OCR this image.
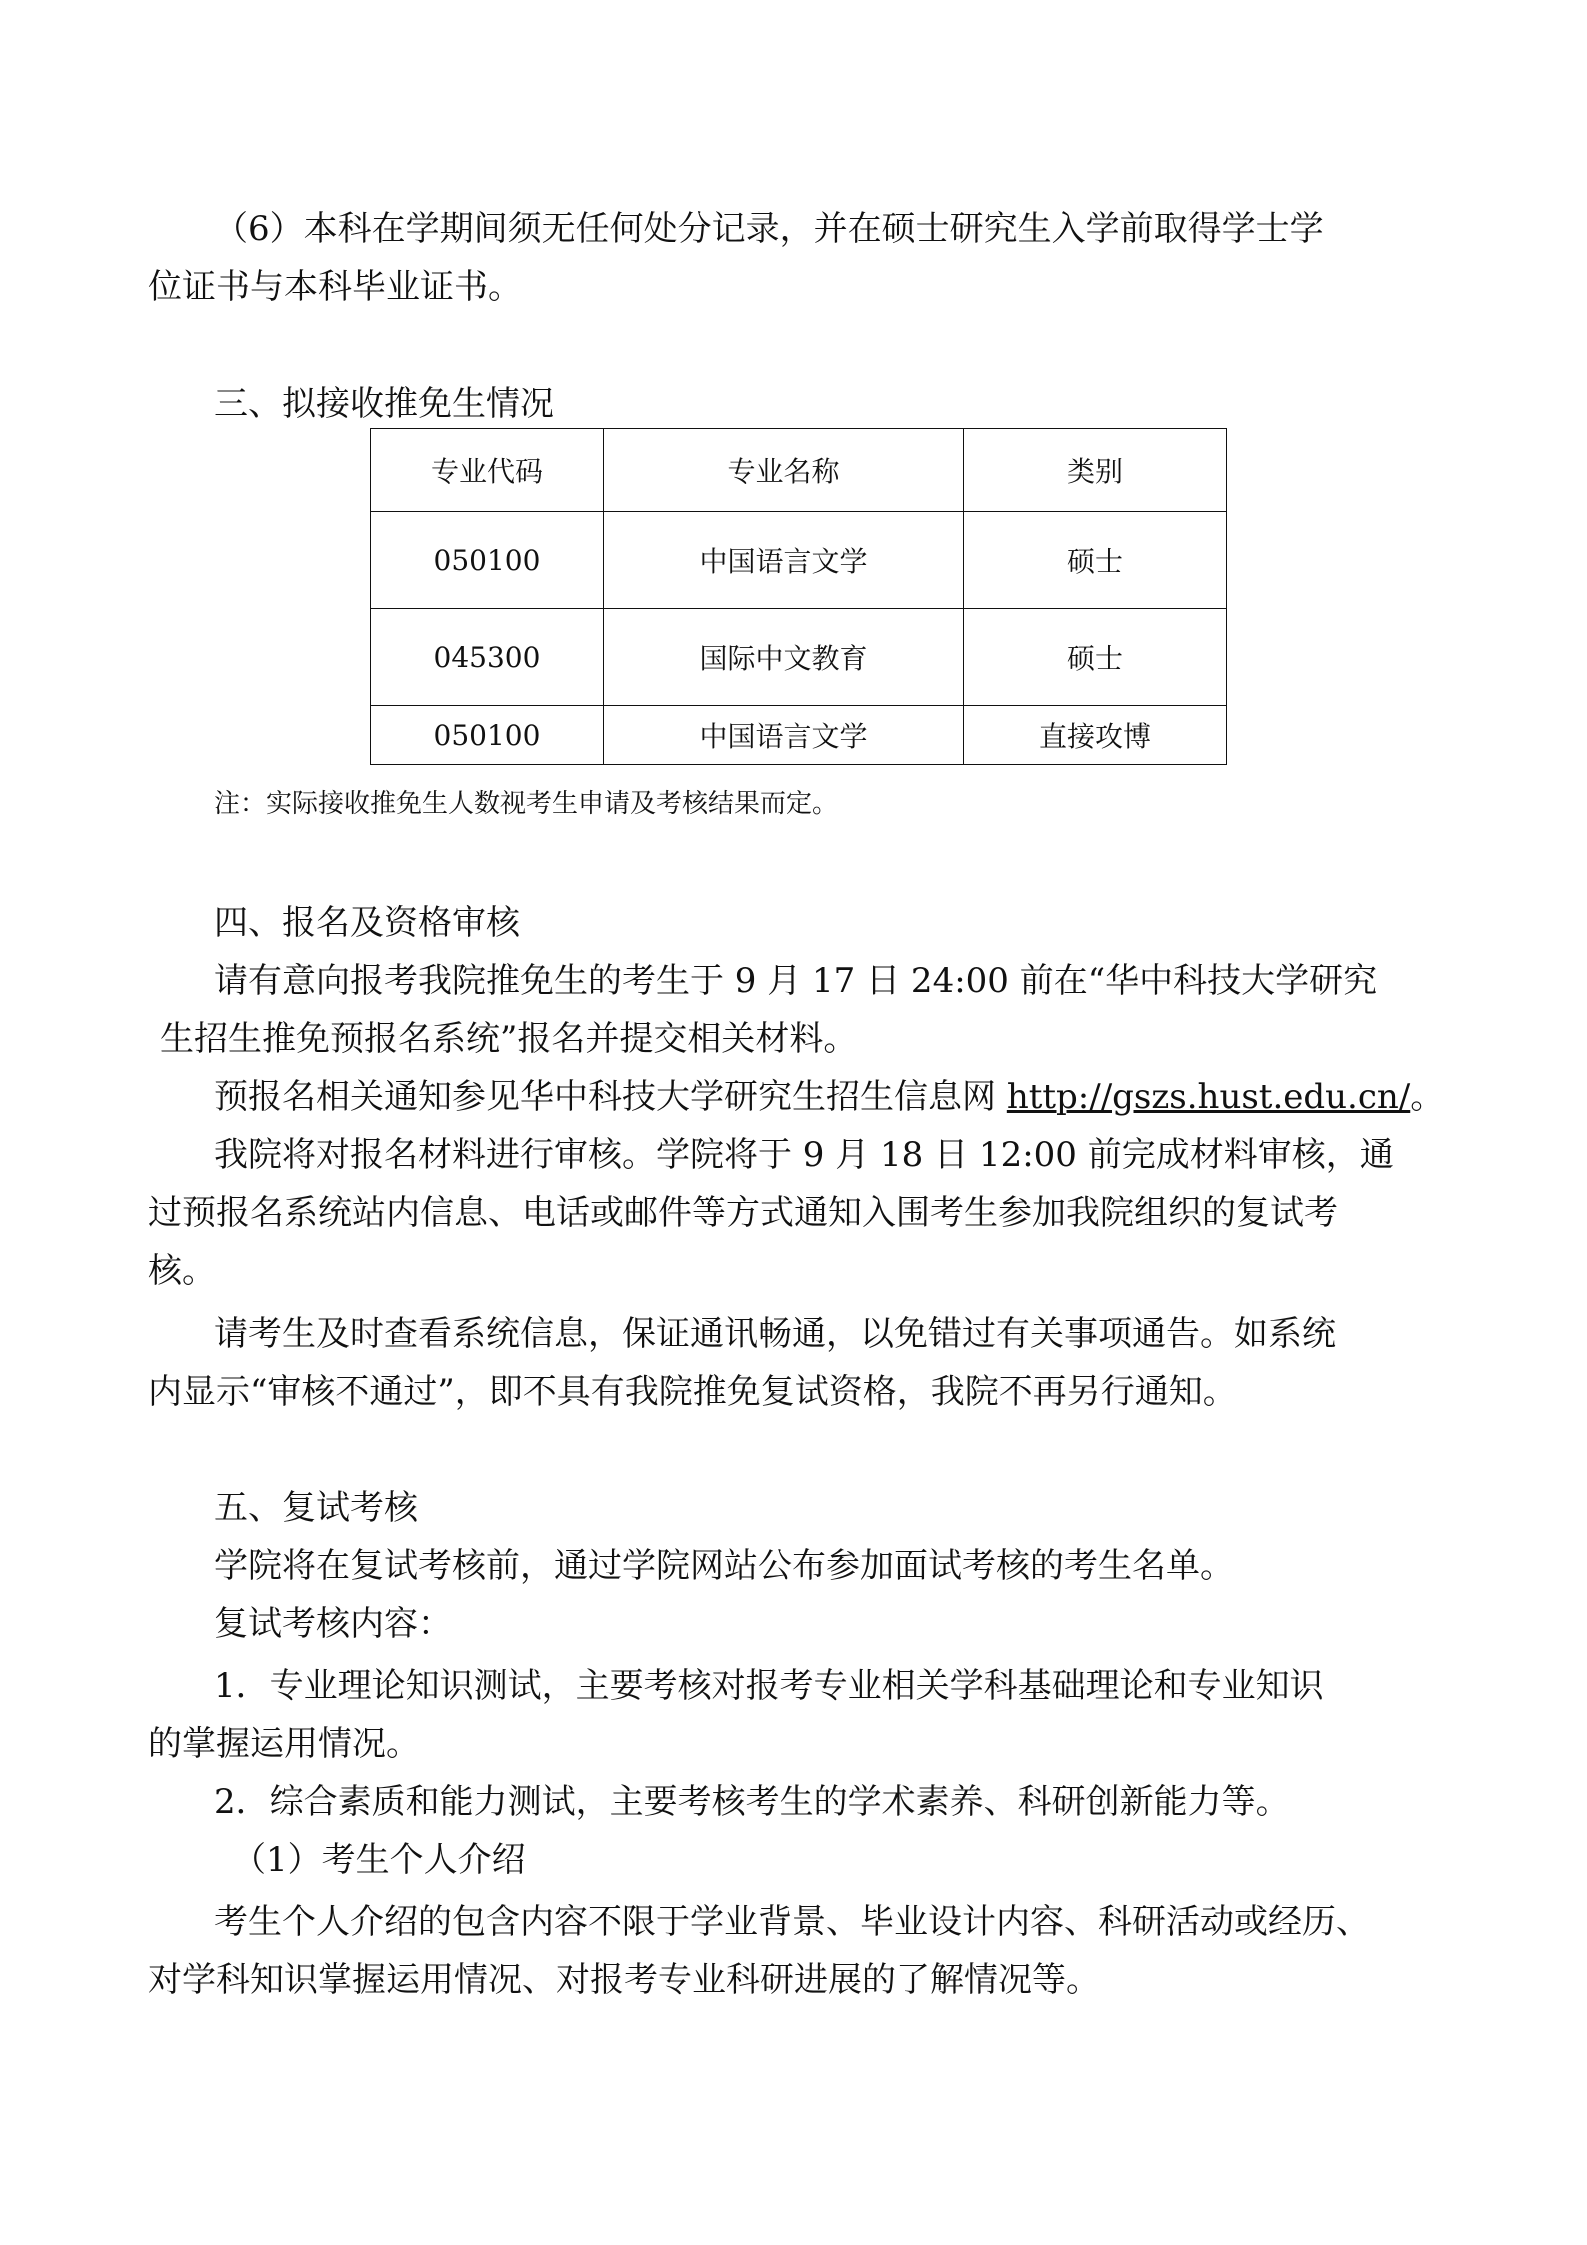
（6）本科在学期间须无任何处分记录，并在硕士研究生入学前取得学士学
位证书与本科毕业证书。
三、拟接收推免生情况
专业代码	专业名称	类别
050100	中国语言文学	硕士
045300	国际中文教育	硕士
050100	中国语言文学	直接攻博
注：实际接收推免生人数视考生申请及考核结果而定。
四、报名及资格审核
请有意向报考我院推免生的考生于 9 月 17 日 24:00 前在“华中科技大学研究
生招生推免预报名系统”报名并提交相关材料。
预报名相关通知参见华中科技大学研究生招生信息网 http://gszs.hust.edu.cn/。
我院将对报名材料进行审核。学院将于 9 月 18 日 12:00 前完成材料审核，通
过预报名系统站内信息、电话或邮件等方式通知入围考生参加我院组织的复试考
核。
请考生及时查看系统信息，保证通讯畅通，以免错过有关事项通告。如系统
内显示“审核不通过”，即不具有我院推免复试资格，我院不再另行通知。
五、复试考核
学院将在复试考核前，通过学院网站公布参加面试考核的考生名单。
复试考核内容：
1．专业理论知识测试，主要考核对报考专业相关学科基础理论和专业知识
的掌握运用情况。
2．综合素质和能力测试，主要考核考生的学术素养、科研创新能力等。
（1）考生个人介绍
考生个人介绍的包含内容不限于学业背景、毕业设计内容、科研活动或经历、
对学科知识掌握运用情况、对报考专业科研进展的了解情况等。
